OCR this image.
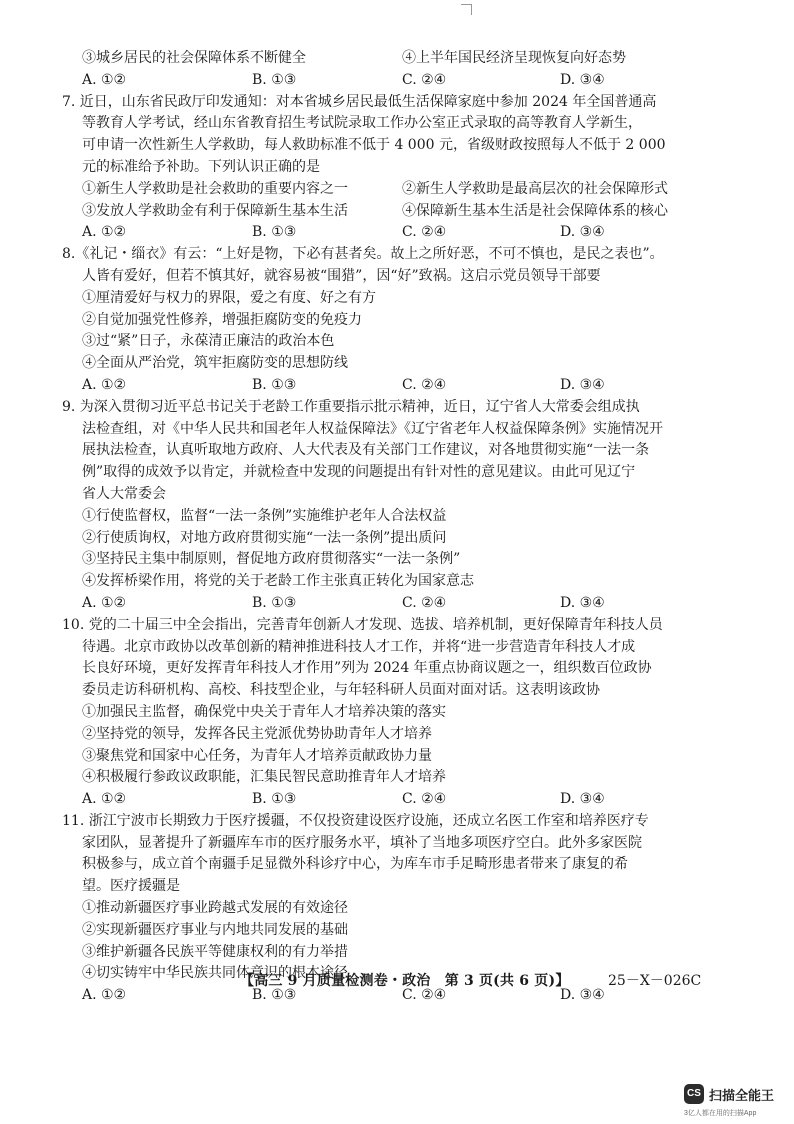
③城乡居民的社会保障体系不断健全	④上半年国民经济呈现恢复向好态势
A. ①②	B. ①③	C. ②④	D. ③④
7. 近日，山东省民政厅印发通知：对本省城乡居民最低生活保障家庭中参加 2024 年全国普通高
等教育人学考试，经山东省教育招生考试院录取工作办公室正式录取的高等教育人学新生，
可申请一次性新生人学救助，每人救助标准不低于 4 000 元，省级财政按照每人不低于 2 000
元的标准给予补助。下列认识正确的是
①新生人学救助是社会救助的重要内容之一	②新生人学救助是最高层次的社会保障形式
③发放人学救助金有利于保障新生基本生活	④保障新生基本生活是社会保障体系的核心
A. ①②	B. ①③	C. ②④	D. ③④
8.《礼记・缁衣》有云：“上好是物，下必有甚者矣。故上之所好恶，不可不慎也，是民之表也”。
人皆有爱好，但若不慎其好，就容易被“围猎”，因“好”致祸。这启示党员领导干部要
①厘清爱好与权力的界限，爱之有度、好之有方
②自觉加强党性修养，增强拒腐防变的免疫力
③过“紧”日子，永葆清正廉洁的政治本色
④全面从严治党，筑牢拒腐防变的思想防线
A. ①②	B. ①③	C. ②④	D. ③④
9. 为深入贯彻习近平总书记关于老龄工作重要指示批示精神，近日，辽宁省人大常委会组成执
法检查组，对《中华人民共和国老年人权益保障法》《辽宁省老年人权益保障条例》实施情况开
展执法检查，认真听取地方政府、人大代表及有关部门工作建议，对各地贯彻实施“一法一条
例”取得的成效予以肯定，并就检查中发现的问题提出有针对性的意见建议。由此可见辽宁
省人大常委会
①行使监督权，监督“一法一条例”实施维护老年人合法权益
②行使质询权，对地方政府贯彻实施“一法一条例”提出质问
③坚持民主集中制原则，督促地方政府贯彻落实“一法一条例”
④发挥桥梁作用，将党的关于老龄工作主张真正转化为国家意志
A. ①②	B. ①③	C. ②④	D. ③④
10. 党的二十届三中全会指出，完善青年创新人才发现、选拔、培养机制，更好保障青年科技人员
待遇。北京市政协以改革创新的精神推进科技人才工作，并将“进一步营造青年科技人才成
长良好环境，更好发挥青年科技人才作用”列为 2024 年重点协商议题之一，组织数百位政协
委员走访科研机构、高校、科技型企业，与年轻科研人员面对面对话。这表明该政协
①加强民主监督，确保党中央关于青年人才培养决策的落实
②坚持党的领导，发挥各民主党派优势协助青年人才培养
③聚焦党和国家中心任务，为青年人才培养贡献政协力量
④积极履行参政议政职能，汇集民智民意助推青年人才培养
A. ①②	B. ①③	C. ②④	D. ③④
11. 浙江宁波市长期致力于医疗援疆，不仅投资建设医疗设施，还成立名医工作室和培养医疗专
家团队，显著提升了新疆库车市的医疗服务水平，填补了当地多项医疗空白。此外多家医院
积极参与，成立首个南疆手足显微外科诊疗中心，为库车市手足畸形患者带来了康复的希
望。医疗援疆是
①推动新疆医疗事业跨越式发展的有效途径
②实现新疆医疗事业与内地共同发展的基础
③维护新疆各民族平等健康权利的有力举措
④切实铸牢中华民族共同体意识的根本途径
A. ①②	B. ①③	C. ②④	D. ③④
【高三 9 月质量检测卷・政治　第 3 页(共 6 页)】	25－X－026C
CS 扫描全能王
3亿人都在用的扫描App
